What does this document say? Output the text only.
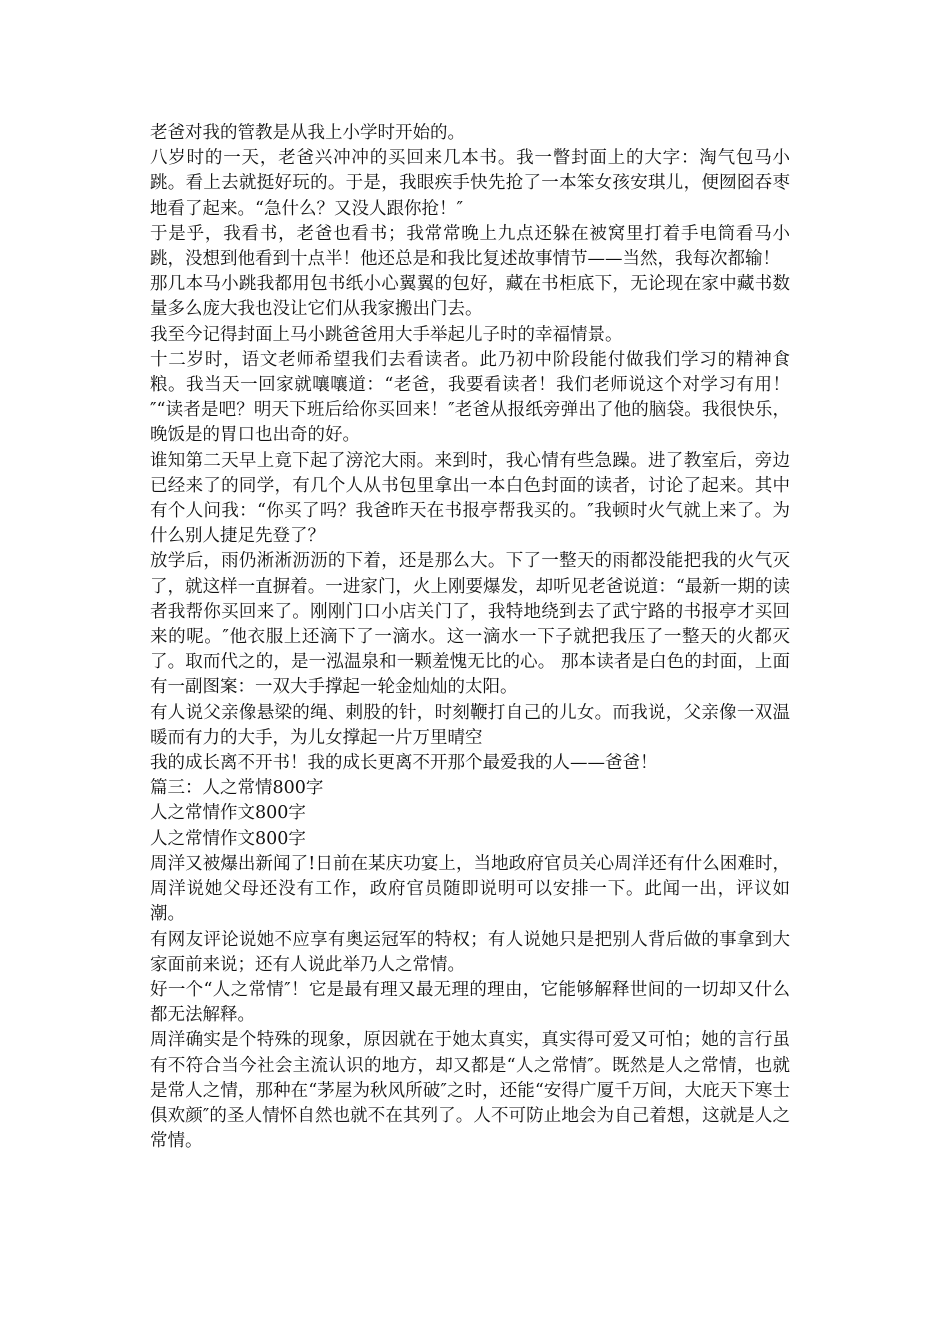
老爸对我的管教是从我上小学时开始的。

八岁时的一天，老爸兴冲冲的买回来几本书。我一瞥封面上的大字：淘气包马小跳。看上去就挺好玩的。于是，我眼疾手快先抢了一本笨女孩安琪儿，便囫囵吞枣地看了起来。“急什么？又没人跟你抢！″

于是乎，我看书，老爸也看书；我常常晚上九点还躲在被窝里打着手电筒看马小跳，没想到他看到十点半！他还总是和我比复述故事情节——当然，我每次都输！

那几本马小跳我都用包书纸小心翼翼的包好，藏在书柜底下，无论现在家中藏书数量多么庞大我也没让它们从我家搬出门去。

我至今记得封面上马小跳爸爸用大手举起儿子时的幸福情景。

十二岁时，语文老师希望我们去看读者。此乃初中阶段能付做我们学习的精神食粮。我当天一回家就嚷嚷道：“老爸，我要看读者！我们老师说这个对学习有用！″“读者是吧？明天下班后给你买回来！″老爸从报纸旁弹出了他的脑袋。我很快乐，晚饭是的胃口也出奇的好。

谁知第二天早上竟下起了滂沱大雨。来到时，我心情有些急躁。进了教室后，旁边已经来了的同学，有几个人从书包里拿出一本白色封面的读者，讨论了起来。其中有个人问我：“你买了吗？我爸昨天在书报亭帮我买的。″我顿时火气就上来了。为什么别人捷足先登了？

放学后，雨仍淅淅沥沥的下着，还是那么大。下了一整天的雨都没能把我的火气灭了，就这样一直摒着。一进家门，火上刚要爆发，却听见老爸说道：“最新一期的读者我帮你买回来了。刚刚门口小店关门了，我特地绕到去了武宁路的书报亭才买回来的呢。″他衣服上还滴下了一滴水。这一滴水一下子就把我压了一整天的火都灭了。取而代之的，是一泓温泉和一颗羞愧无比的心。 那本读者是白色的封面，上面有一副图案：一双大手撑起一轮金灿灿的太阳。

有人说父亲像悬梁的绳、刺股的针，时刻鞭打自己的儿女。而我说，父亲像一双温暖而有力的大手，为儿女撑起一片万里晴空

我的成长离不开书！我的成长更离不开那个最爱我的人——爸爸！

篇三：人之常情800字

人之常情作文800字

人之常情作文800字

周洋又被爆出新闻了!日前在某庆功宴上，当地政府官员关心周洋还有什么困难时，周洋说她父母还没有工作，政府官员随即说明可以安排一下。此闻一出，评议如潮。

有网友评论说她不应享有奥运冠军的特权；有人说她只是把别人背后做的事拿到大家面前来说；还有人说此举乃人之常情。

好一个“人之常情″！它是最有理又最无理的理由，它能够解释世间的一切却又什么都无法解释。

周洋确实是个特殊的现象，原因就在于她太真实，真实得可爱又可怕；她的言行虽有不符合当今社会主流认识的地方，却又都是“人之常情″。既然是人之常情，也就是常人之情，那种在“茅屋为秋风所破″之时，还能“安得广厦千万间，大庇天下寒士俱欢颜″的圣人情怀自然也就不在其列了。人不可防止地会为自己着想，这就是人之常情。
